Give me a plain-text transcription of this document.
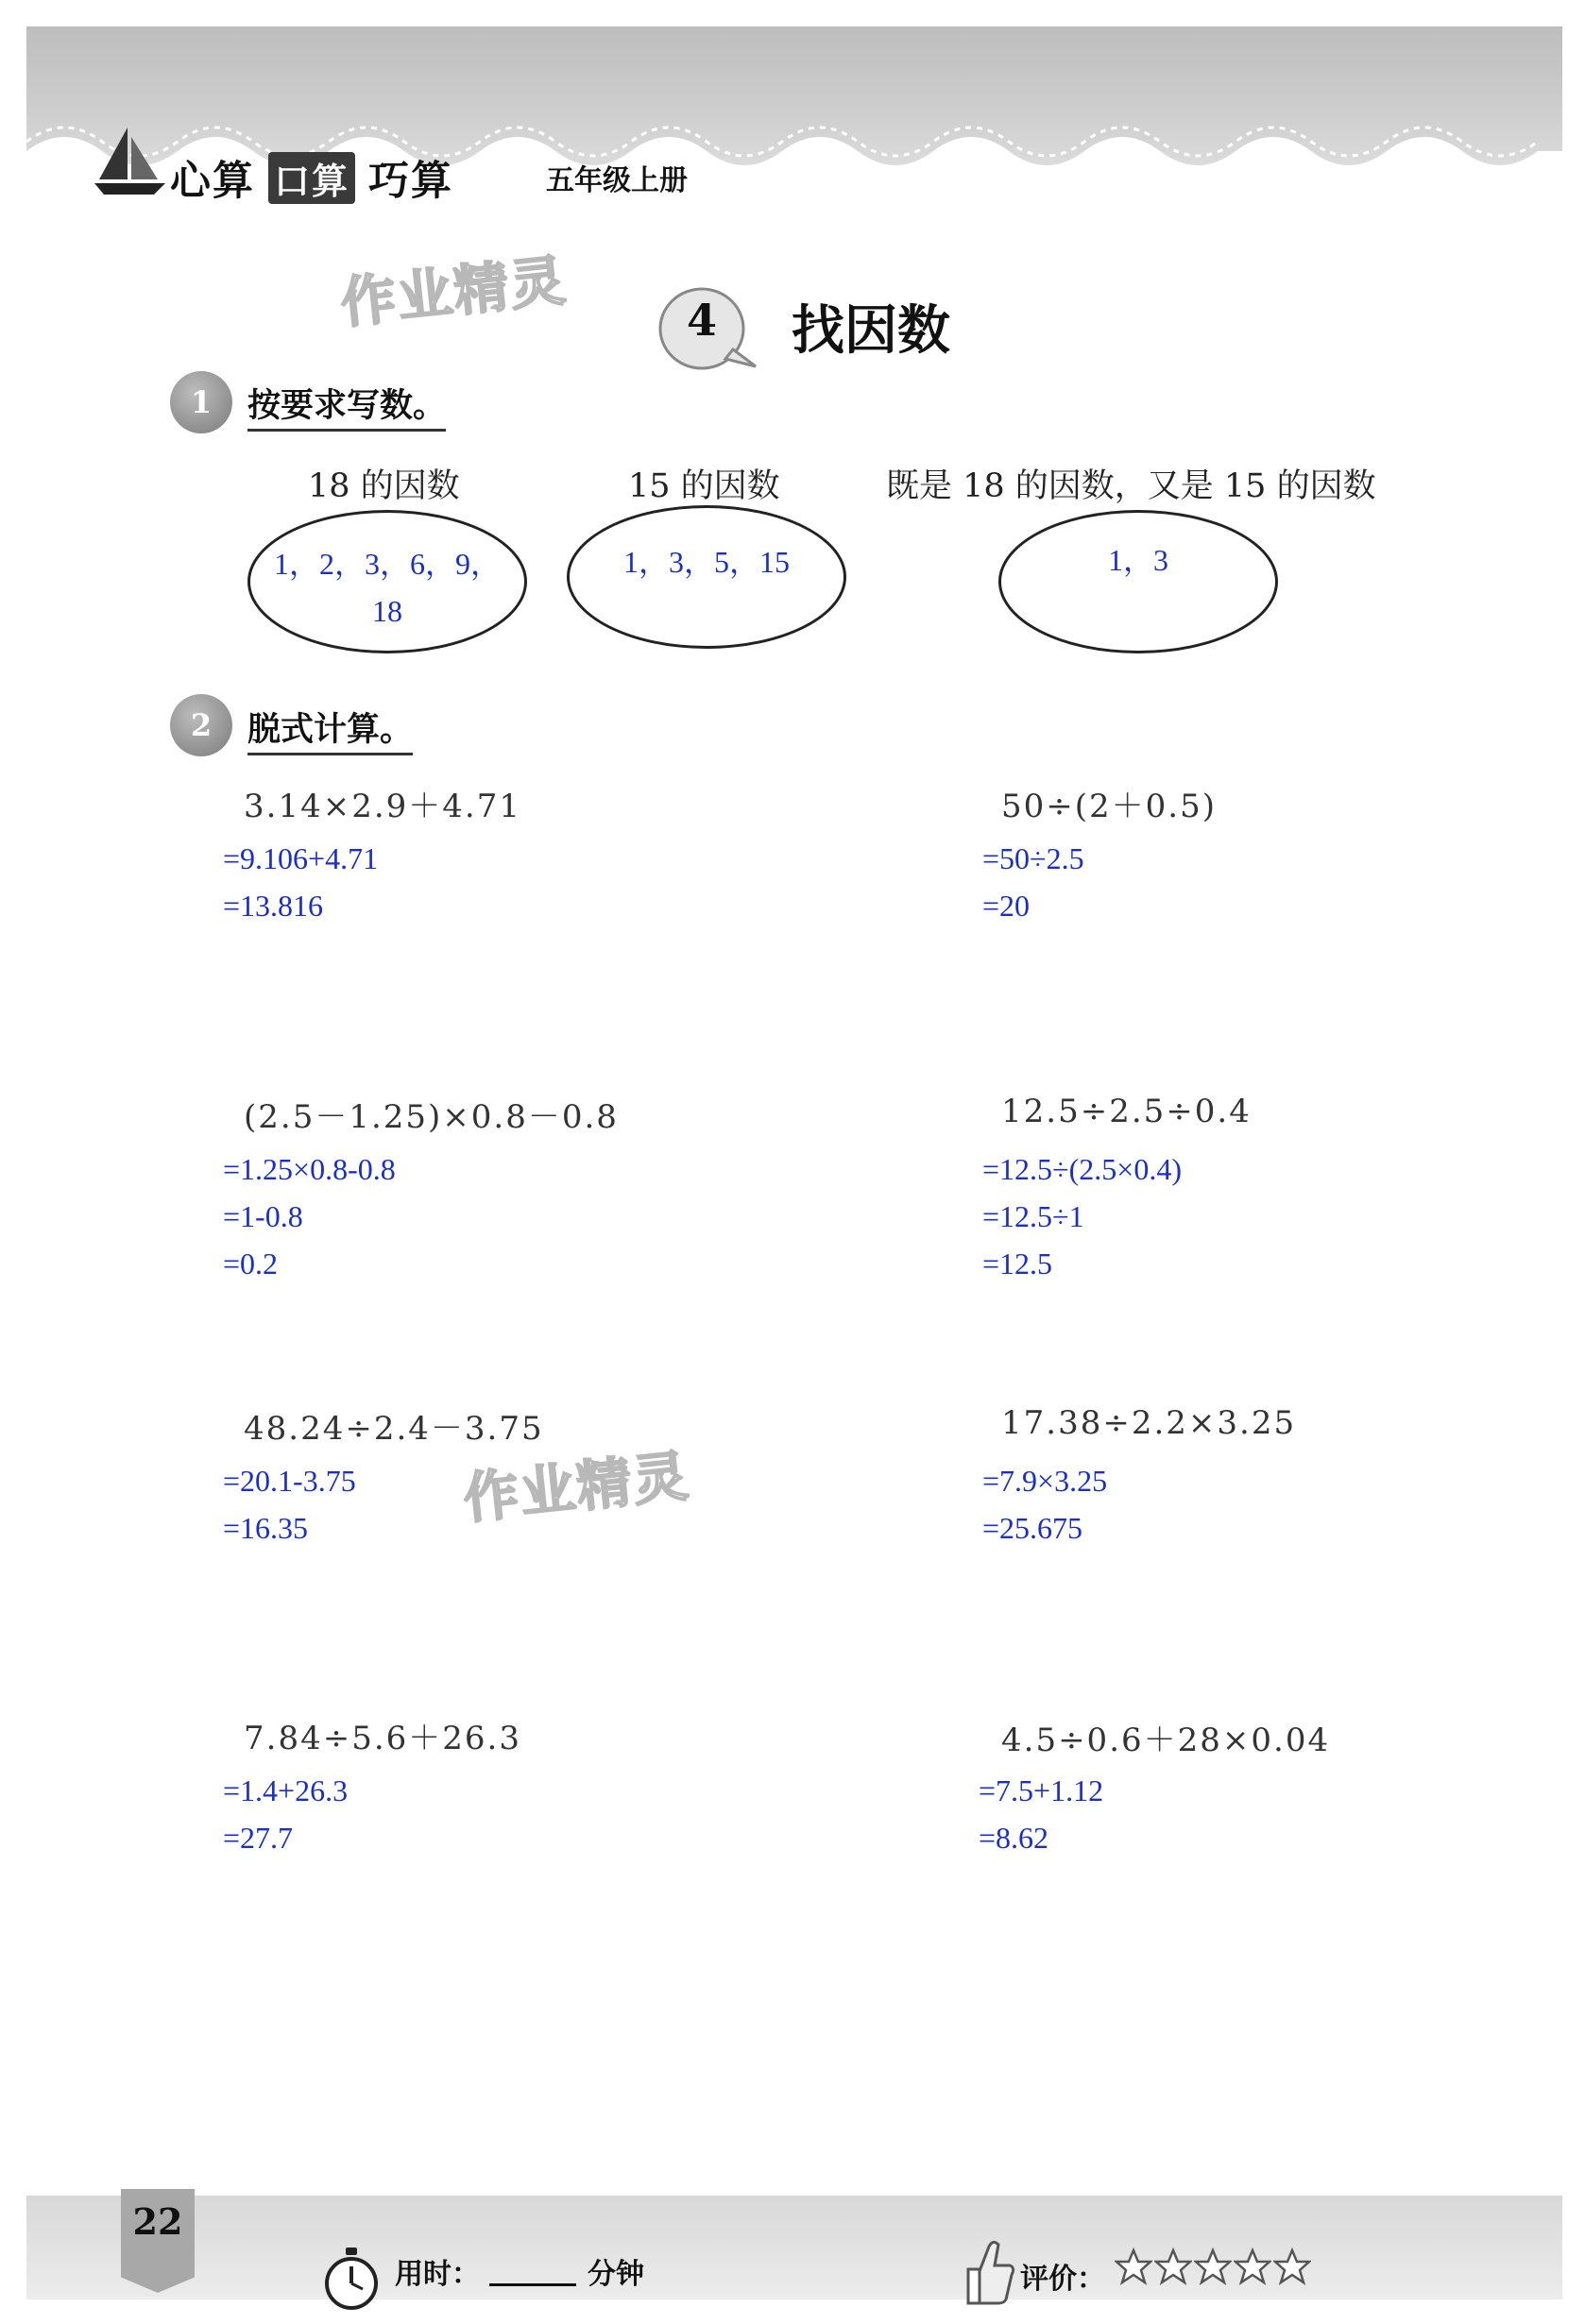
心算 口算 巧算	五年级上册
作业精灵
作业精灵
4	找因数
1	按要求写数。
18 的因数
1，2，3，6，9，
18
15 的因数
1，3，5，15
既是 18 的因数，又是 15 的因数
1，3
2	脱式计算。
3.14×2.9＋4.71
=9.106+4.71
=13.816
50÷(2＋0.5)
=50÷2.5
=20
(2.5－1.25)×0.8－0.8
=1.25×0.8-0.8
=1-0.8
=0.2
12.5÷2.5÷0.4
=12.5÷(2.5×0.4)
=12.5÷1
=12.5
48.24÷2.4－3.75
=20.1-3.75
=16.35
17.38÷2.2×3.25
=7.9×3.25
=25.675
7.84÷5.6＋26.3
=1.4+26.3
=27.7
4.5÷0.6＋28×0.04
=7.5+1.12
=8.62
22
用时：	分钟	评价：
